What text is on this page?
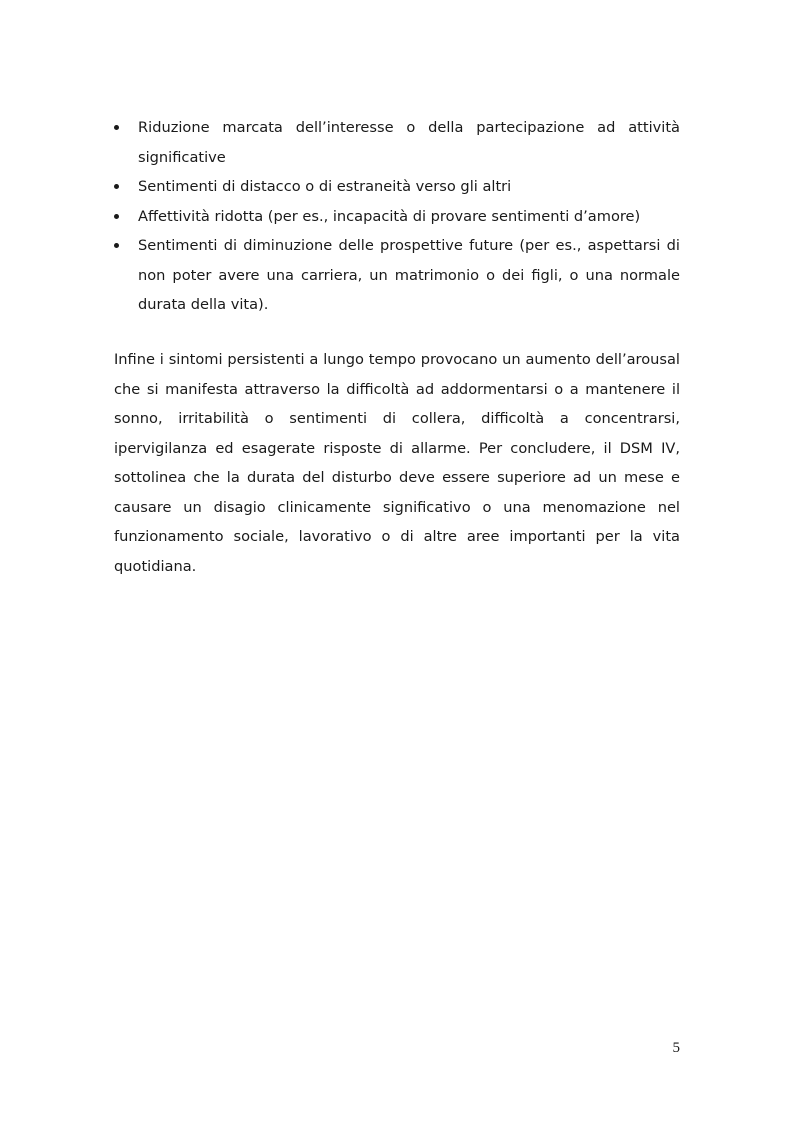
Riduzione marcata dell’interesse o della partecipazione ad attività significative
Sentimenti di distacco o di estraneità verso gli altri
Affettività ridotta (per es., incapacità di provare sentimenti d’amore)
Sentimenti di diminuzione delle prospettive future (per es., aspettarsi di non poter avere una carriera, un matrimonio o dei figli, o una normale durata della vita).

Infine i sintomi persistenti a lungo tempo provocano un aumento dell’arousal che si manifesta attraverso la difficoltà ad addormentarsi o a mantenere il sonno, irritabilità o sentimenti di collera, difficoltà a concentrarsi, ipervigilanza ed esagerate risposte di allarme. Per concludere, il DSM IV, sottolinea che la durata del disturbo deve essere superiore ad un mese e causare un disagio clinicamente significativo o una menomazione nel funzionamento sociale, lavorativo o di altre aree importanti per la vita quotidiana.

5
